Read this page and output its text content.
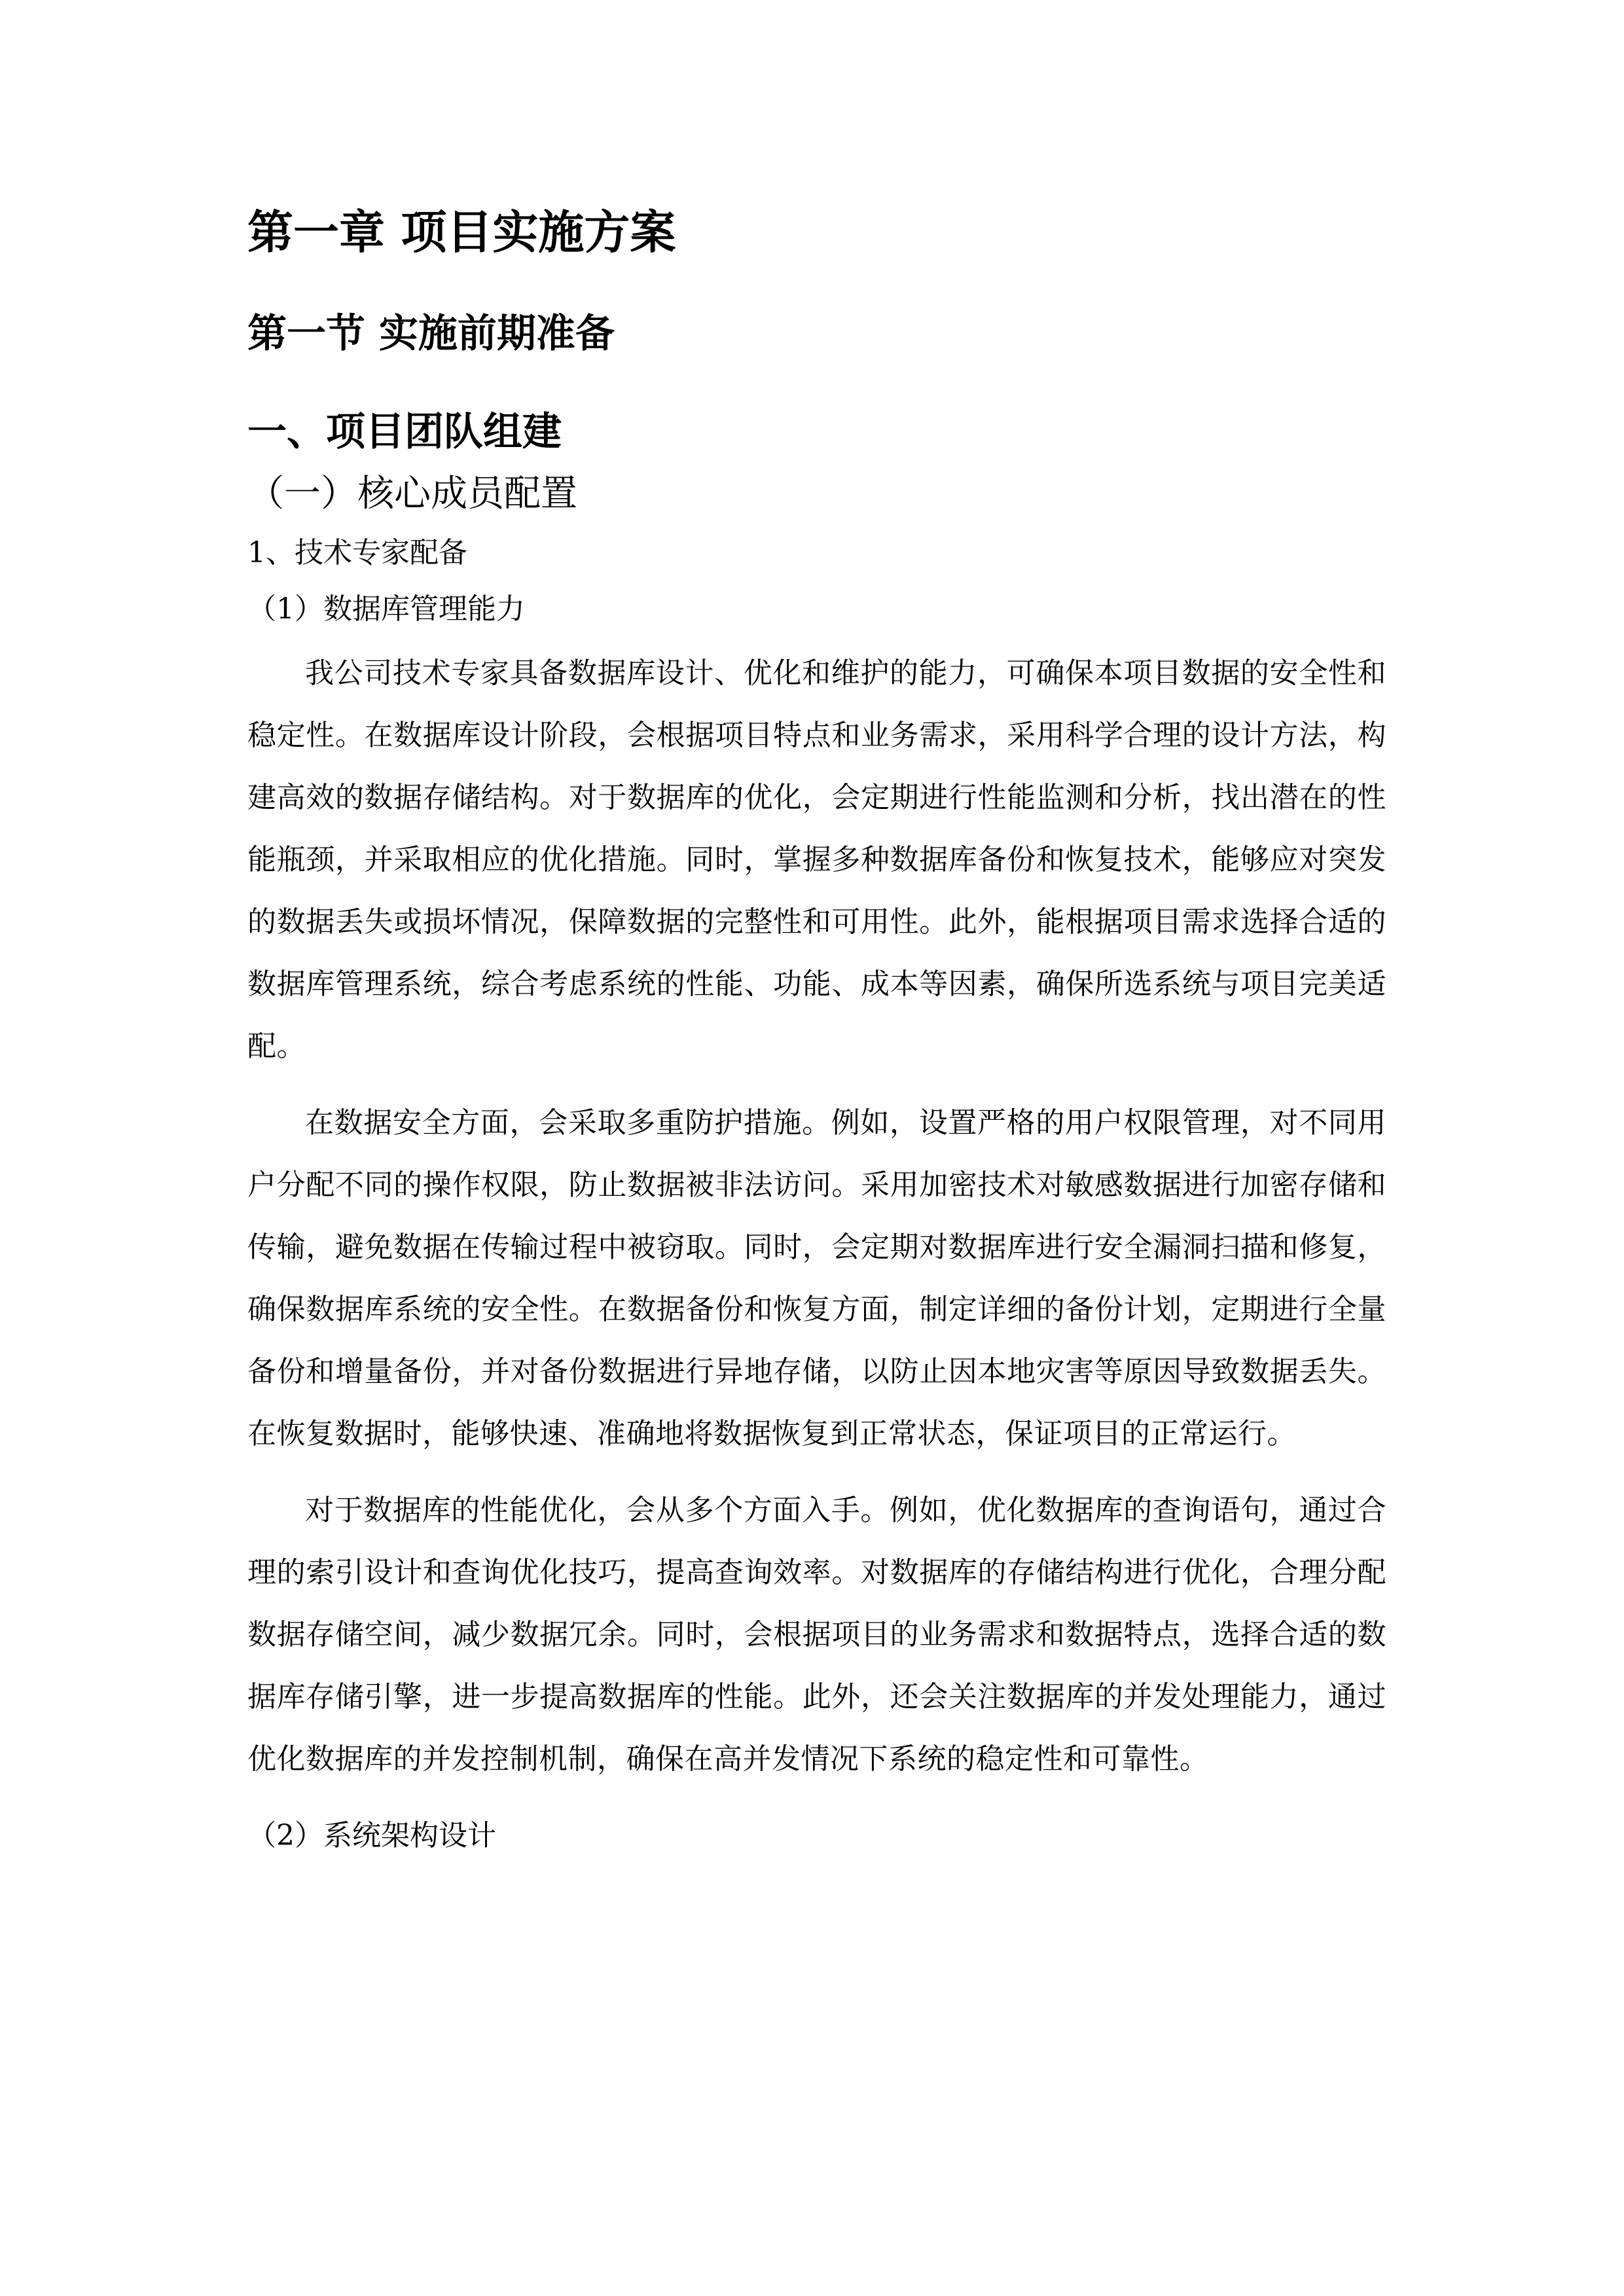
第一章 项目实施方案
第一节 实施前期准备
一、项目团队组建
（一）核心成员配置
1、技术专家配备
（1）数据库管理能力

我公司技术专家具备数据库设计、优化和维护的能力，可确保本项目数据的安全性和稳定性。在数据库设计阶段，会根据项目特点和业务需求，采用科学合理的设计方法，构建高效的数据存储结构。对于数据库的优化，会定期进行性能监测和分析，找出潜在的性能瓶颈，并采取相应的优化措施。同时，掌握多种数据库备份和恢复技术，能够应对突发的数据丢失或损坏情况，保障数据的完整性和可用性。此外，能根据项目需求选择合适的数据库管理系统，综合考虑系统的性能、功能、成本等因素，确保所选系统与项目完美适配。

在数据安全方面，会采取多重防护措施。例如，设置严格的用户权限管理，对不同用户分配不同的操作权限，防止数据被非法访问。采用加密技术对敏感数据进行加密存储和传输，避免数据在传输过程中被窃取。同时，会定期对数据库进行安全漏洞扫描和修复，确保数据库系统的安全性。在数据备份和恢复方面，制定详细的备份计划，定期进行全量备份和增量备份，并对备份数据进行异地存储，以防止因本地灾害等原因导致数据丢失。在恢复数据时，能够快速、准确地将数据恢复到正常状态，保证项目的正常运行。

对于数据库的性能优化，会从多个方面入手。例如，优化数据库的查询语句，通过合理的索引设计和查询优化技巧，提高查询效率。对数据库的存储结构进行优化，合理分配数据存储空间，减少数据冗余。同时，会根据项目的业务需求和数据特点，选择合适的数据库存储引擎，进一步提高数据库的性能。此外，还会关注数据库的并发处理能力，通过优化数据库的并发控制机制，确保在高并发情况下系统的稳定性和可靠性。

（2）系统架构设计
